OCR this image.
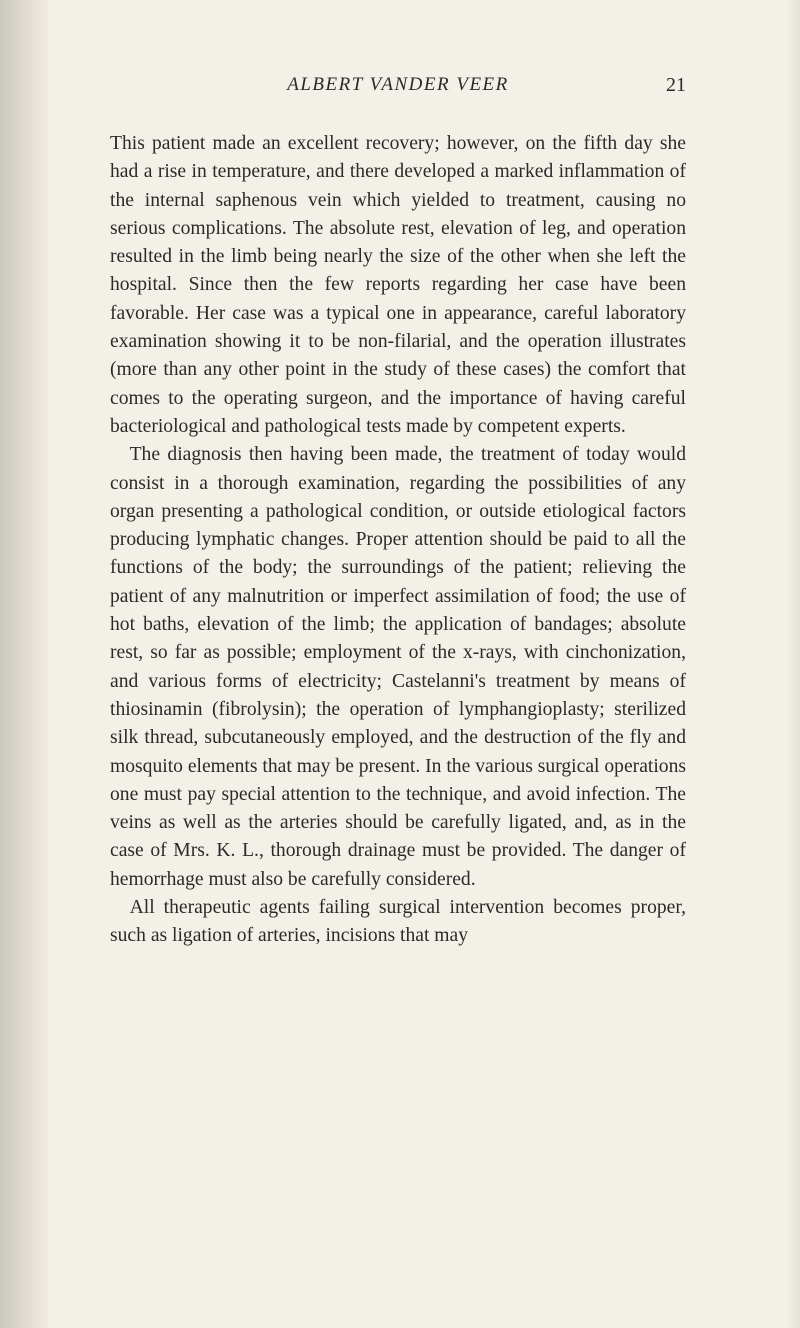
ALBERT VANDER VEER	21

This patient made an excellent recovery; however, on the fifth day she had a rise in temperature, and there developed a marked inflammation of the internal saphenous vein which yielded to treatment, causing no serious complications. The absolute rest, elevation of leg, and operation resulted in the limb being nearly the size of the other when she left the hospital. Since then the few reports regarding her case have been favorable. Her case was a typical one in appearance, careful laboratory examination showing it to be non-filarial, and the operation illustrates (more than any other point in the study of these cases) the comfort that comes to the operating surgeon, and the importance of having careful bacteriological and pathological tests made by competent experts.

The diagnosis then having been made, the treatment of today would consist in a thorough examination, regarding the possibilities of any organ presenting a pathological condition, or outside etiological factors producing lymphatic changes. Proper attention should be paid to all the functions of the body; the surroundings of the patient; relieving the patient of any malnutrition or imperfect assimilation of food; the use of hot baths, elevation of the limb; the application of bandages; absolute rest, so far as possible; employment of the x-rays, with cinchonization, and various forms of electricity; Castelanni's treatment by means of thiosinamin (fibrolysin); the operation of lymphangioplasty; sterilized silk thread, subcutaneously employed, and the destruction of the fly and mosquito elements that may be present. In the various surgical operations one must pay special attention to the technique, and avoid infection. The veins as well as the arteries should be carefully ligated, and, as in the case of Mrs. K. L., thorough drainage must be provided. The danger of hemorrhage must also be carefully considered.

All therapeutic agents failing surgical intervention becomes proper, such as ligation of arteries, incisions that may
